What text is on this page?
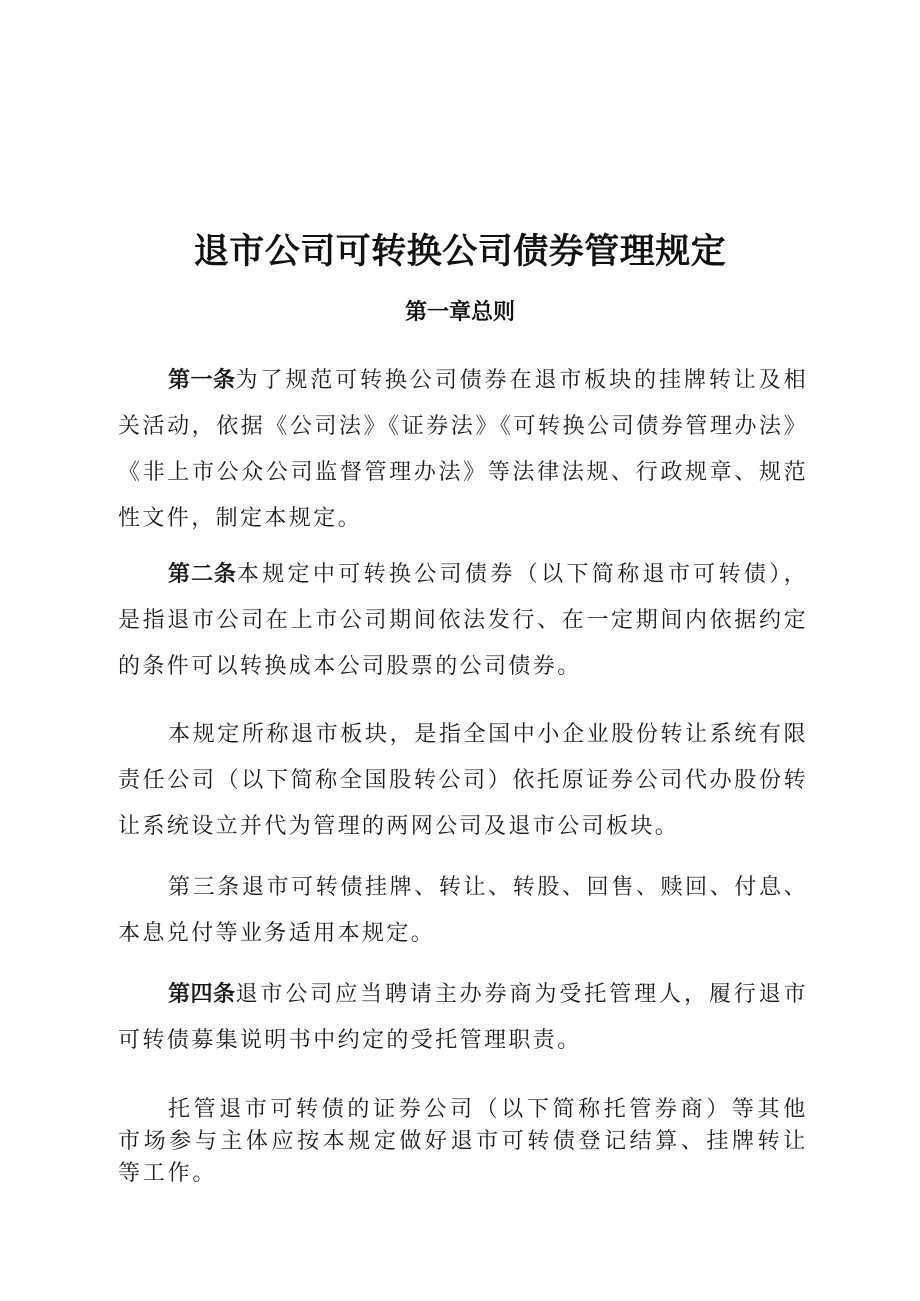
退市公司可转换公司债券管理规定
第一章总则

第一条为了规范可转换公司债券在退市板块的挂牌转让及相关活动，依据《公司法》《证券法》《可转换公司债券管理办法》《非上市公众公司监督管理办法》等法律法规、行政规章、规范性文件，制定本规定。

第二条本规定中可转换公司债券（以下简称退市可转债），是指退市公司在上市公司期间依法发行、在一定期间内依据约定的条件可以转换成本公司股票的公司债券。

本规定所称退市板块，是指全国中小企业股份转让系统有限责任公司（以下简称全国股转公司）依托原证券公司代办股份转让系统设立并代为管理的两网公司及退市公司板块。

第三条退市可转债挂牌、转让、转股、回售、赎回、付息、本息兑付等业务适用本规定。

第四条退市公司应当聘请主办券商为受托管理人，履行退市可转债募集说明书中约定的受托管理职责。

托管退市可转债的证券公司（以下简称托管券商）等其他市场参与主体应按本规定做好退市可转债登记结算、挂牌转让等工作。
